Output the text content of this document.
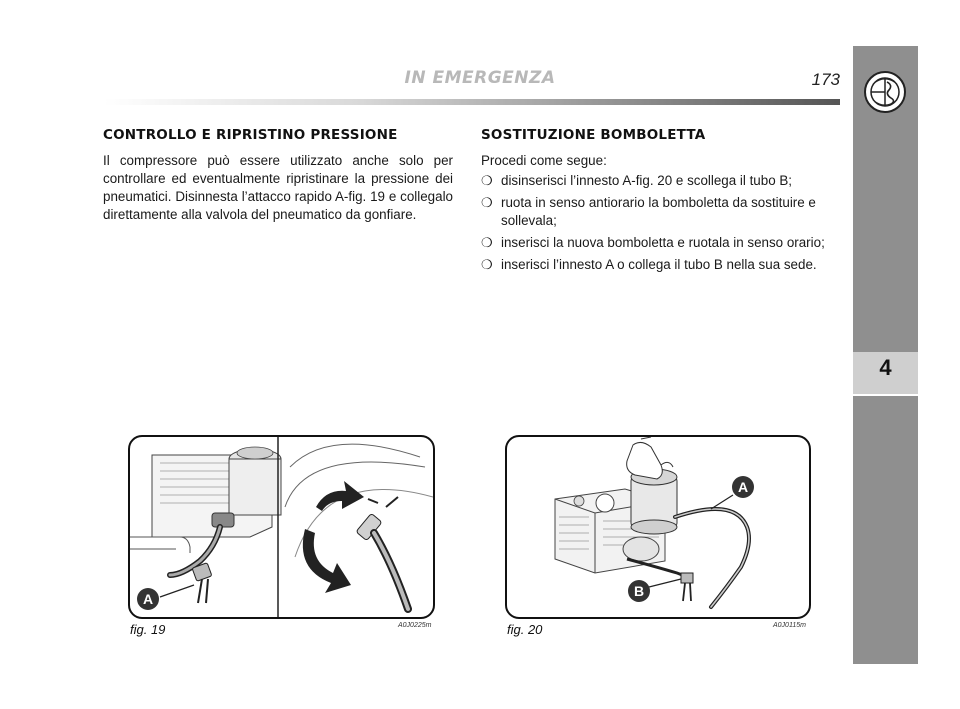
IN EMERGENZA	173
4
CONTROLLO E RIPRISTINO PRESSIONE
Il compressore può essere utilizzato anche solo per controllare ed eventualmente ripristinare la pressione dei pneumatici. Disinnesta l’attacco rapido A-fig. 19 e collegalo direttamente alla valvola del pneumatico da gonfiare.
SOSTITUZIONE BOMBOLETTA
Procedi come segue:
❍ disinserisci l’innesto A-fig. 20 e scollega il tubo B;
❍ ruota in senso antiorario la bomboletta da sostituire e sollevala;
❍ inserisci la nuova bomboletta e ruotala in senso orario;
❍ inserisci l’innesto A o collega il tubo B nella sua sede.
A
fig. 19	A0J0225m
A
B
fig. 20	A0J0115m
